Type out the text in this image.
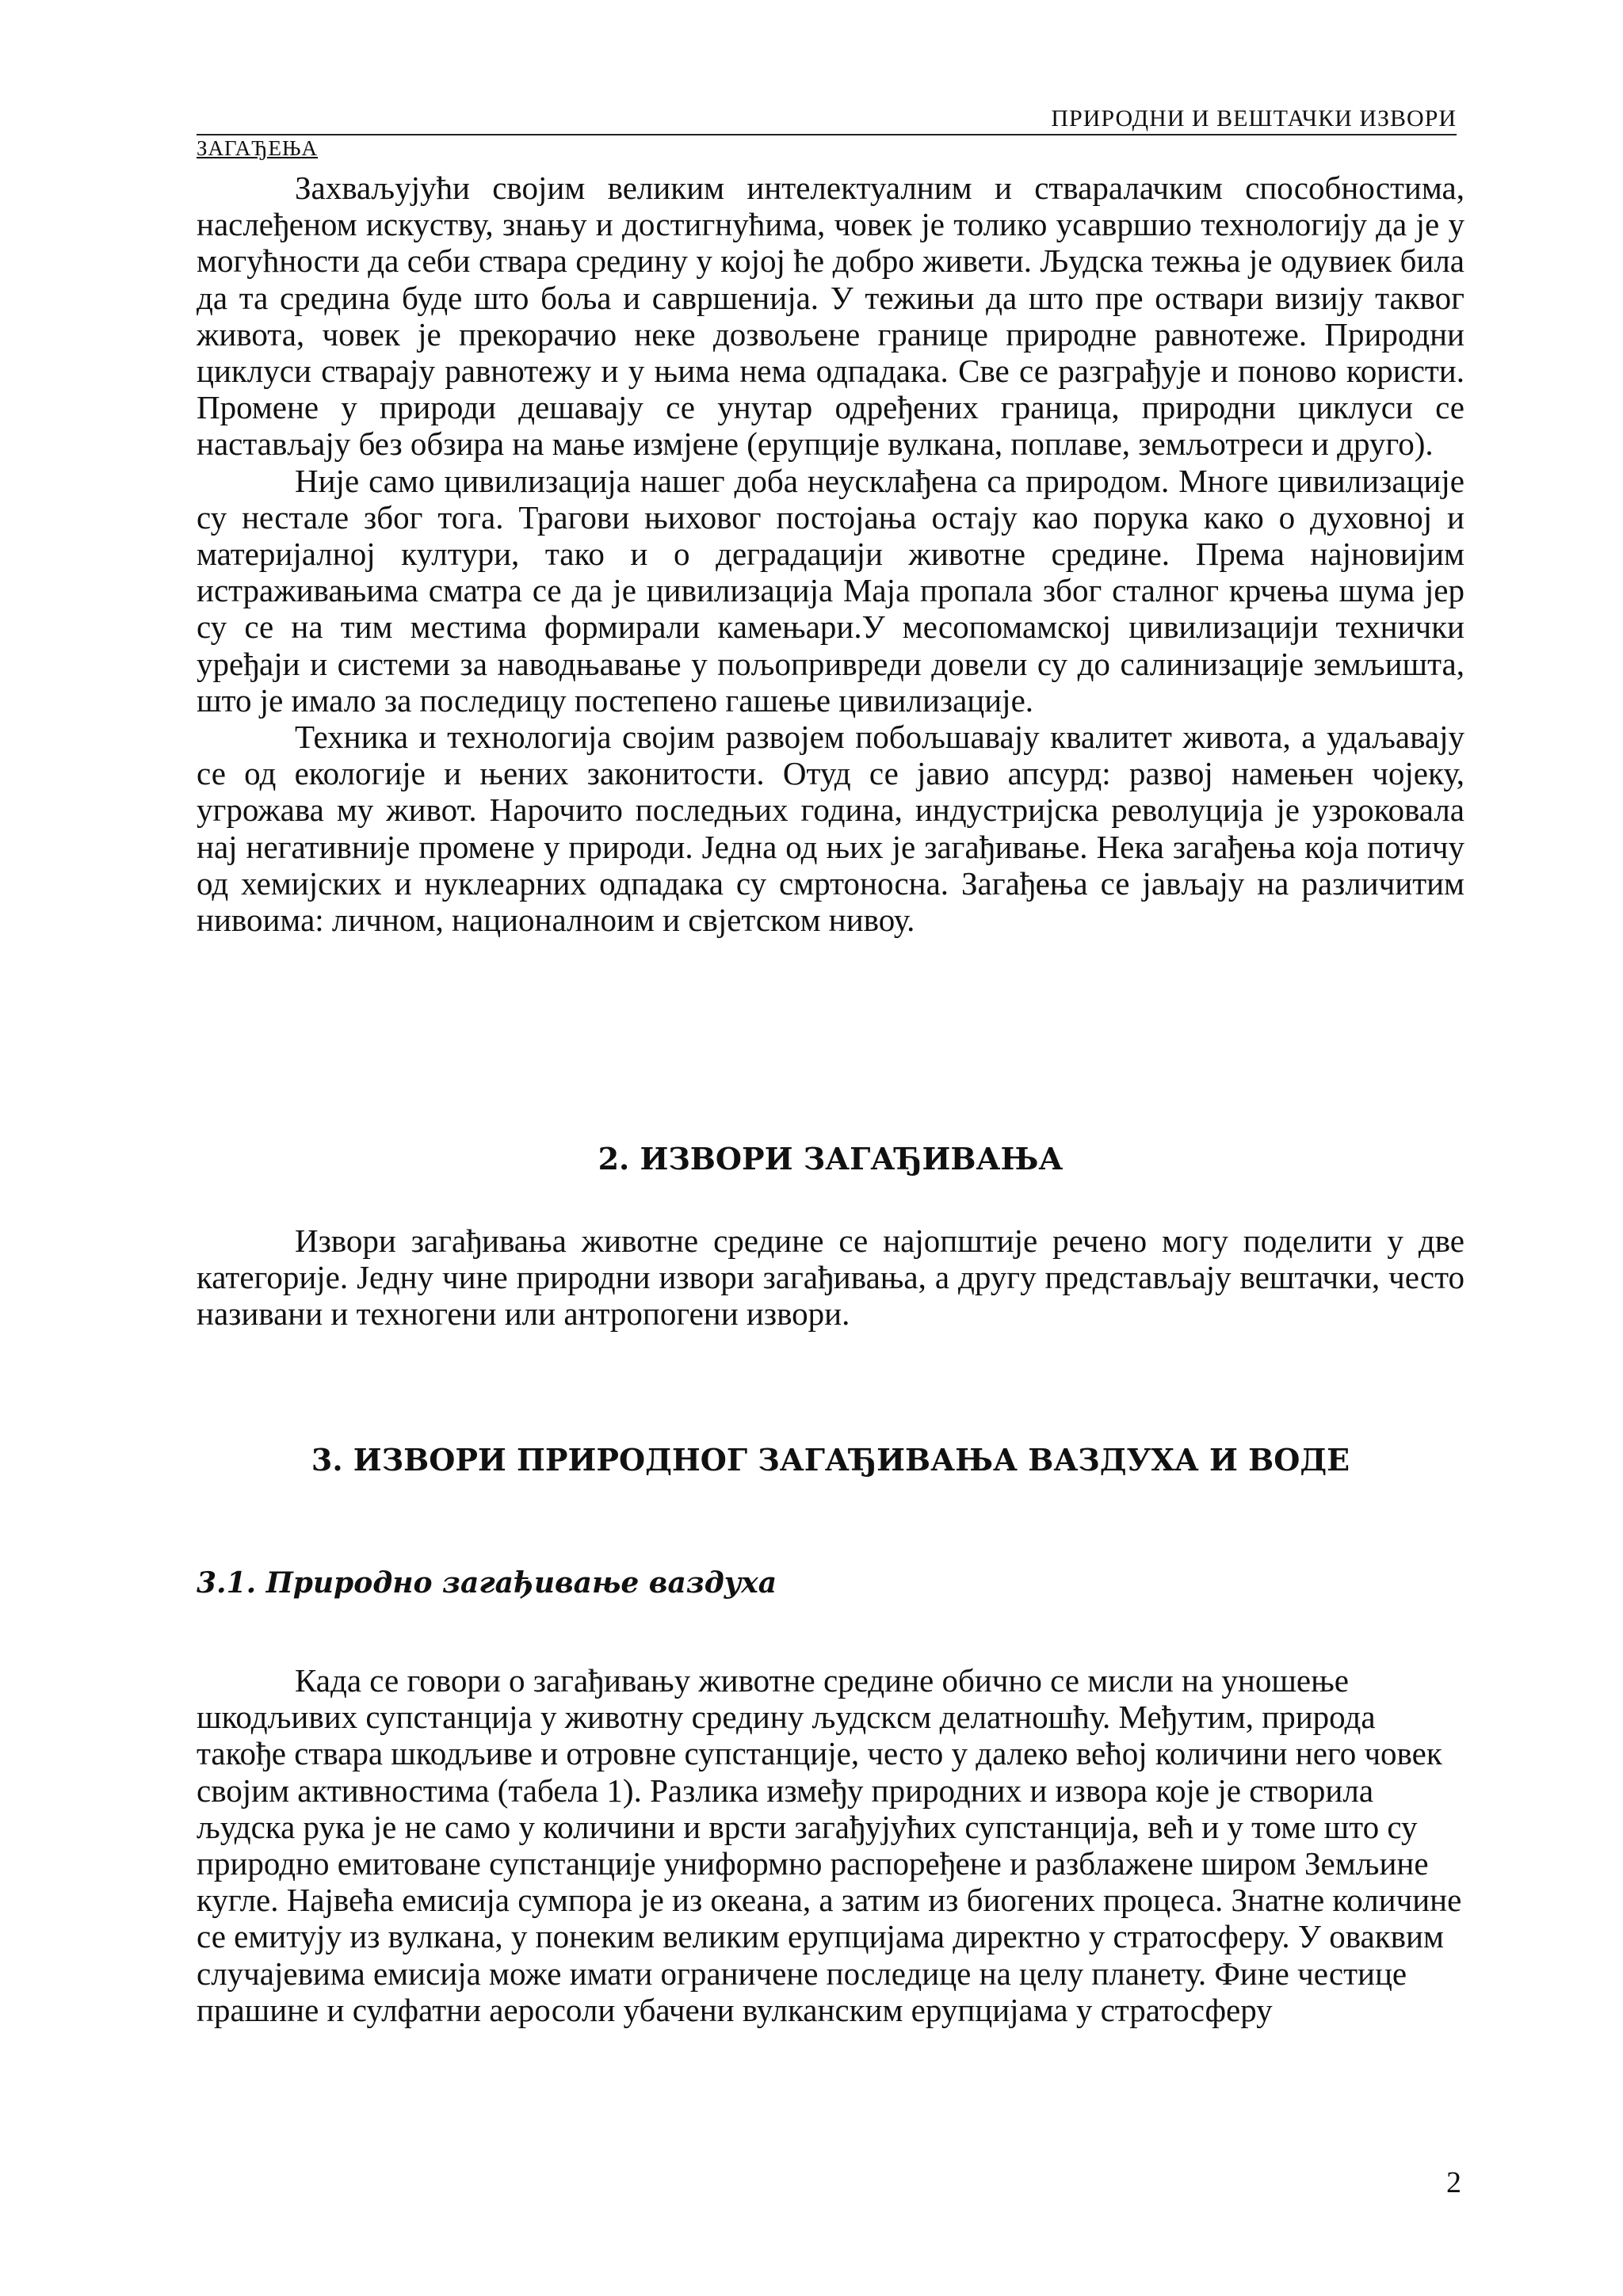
ПРИРОДНИ И ВЕШТАЧКИ ИЗВОРИ
ЗАГАЂЕЊА

Захваљујући својим великим интелектуалним и стваралачким способностима, наслеђеном искуству, знању и достигнућима, човек је толико усавршио технологију да је у могућности да себи ствара средину у којој ће добро живети. Људска тежња је одувиек била да та средина буде што боља и савршенија. У тежињи да што пре оствари визију таквог живота, човек је прекорачио неке дозвољене границе природне равнотеже. Природни циклуси стварају равнотежу и у њима нема одпадака. Све се разграђује и поново користи. Промене у природи дешавају се унутар одређених граница, природни циклуси се настављају без обзира на мање измјене (ерупције вулкана, поплаве, земљотреси и друго).

Није само цивилизација нашег доба неусклађена са природом. Многе цивилизације су нестале због тога. Трагови њиховог постојања остају као порука како о духовној и материјалној култури, тако и о деградацији животне средине. Према најновијим истраживањима сматра се да је цивилизација Маја пропала због сталног крчења шума јер су се на тим местима формирали камењари.У месопомамској цивилизацији технички уређаји и системи за наводњавање у пољопривреди довели су до салинизације земљишта, што је имало за последицу постепено гашење цивилизације.

Техника и технологија својим развојем побољшавају квалитет живота, а удаљавају се од екологије и њених законитости. Отуд се јавио апсурд: развој намењен чојеку, угрожава му живот. Нарочито последњих година, индустријска револуција је узроковала нај негативније промене у природи. Једна од њих је загађивање. Нека загађења која потичу од хемијских и нуклеарних одпадака су смртоносна. Загађења се јављају на различитим нивоима: личном, националноим и свјетском нивоу.

2. ИЗВОРИ ЗАГАЂИВАЊА

Извори загађивања животне средине се најопштије речено могу поделити у две категорије. Једну чине природни извори загађивања, а другу представљају вештачки, често називани и техногени или антропогени извори.

3. ИЗВОРИ ПРИРОДНОГ ЗАГАЂИВАЊА ВАЗДУХА И ВОДЕ
3.1. Природно загађивање ваздуха

Када се говори о загађивању животне средине обично се мисли на уношење шкодљивих супстанција у животну средину људскcм делатношћу. Међутим, природа такође ствара шкодљиве и отровне супстанције, често у далеко већој количини него човек својим активностима (табела 1). Разлика између природних и извора које је створила људска рука је не само у количини и врсти загађујућих супстанција, већ и у томе што су природно емитоване супстанције униформно распоређене и разблажене широм Земљине кугле. Највећа емисија сумпора је из океана, а затим из биогених процеса. Знатне количине се емитују из вулкана, у понеким великим ерупцијама директно у стратосферу. У оваквим случајевима емисија може имати ограничене последице на целу планету. Фине честице прашине и сулфатни аеросоли убачени вулканским ерупцијама у стратосферу

2
